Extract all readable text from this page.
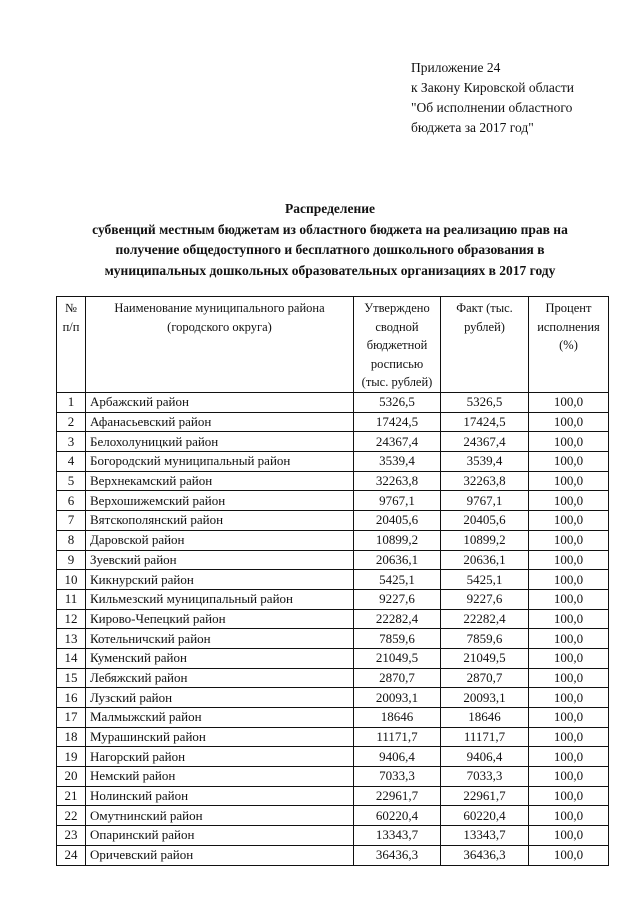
Приложение 24
к Закону Кировской области
"Об исполнении областного
бюджета за 2017 год"
Распределение
субвенций местным бюджетам из областного бюджета на реализацию прав на
получение общедоступного и бесплатного дошкольного образования в
муниципальных дошкольных образовательных организациях в 2017 году
№ п/п	Наименование муниципального района (городского округа)	Утверждено сводной бюджетной росписью (тыс. рублей)	Факт (тыс. рублей)	Процент исполнения (%)
1	Арбажский район	5326,5	5326,5	100,0
2	Афанасьевский район	17424,5	17424,5	100,0
3	Белохолуницкий район	24367,4	24367,4	100,0
4	Богородский муниципальный район	3539,4	3539,4	100,0
5	Верхнекамский район	32263,8	32263,8	100,0
6	Верхошижемский район	9767,1	9767,1	100,0
7	Вятскополянский район	20405,6	20405,6	100,0
8	Даровской район	10899,2	10899,2	100,0
9	Зуевский район	20636,1	20636,1	100,0
10	Кикнурский район	5425,1	5425,1	100,0
11	Кильмезский муниципальный район	9227,6	9227,6	100,0
12	Кирово-Чепецкий район	22282,4	22282,4	100,0
13	Котельничский район	7859,6	7859,6	100,0
14	Куменский район	21049,5	21049,5	100,0
15	Лебяжский район	2870,7	2870,7	100,0
16	Лузский район	20093,1	20093,1	100,0
17	Малмыжский район	18646	18646	100,0
18	Мурашинский район	11171,7	11171,7	100,0
19	Нагорский район	9406,4	9406,4	100,0
20	Немский район	7033,3	7033,3	100,0
21	Нолинский район	22961,7	22961,7	100,0
22	Омутнинский район	60220,4	60220,4	100,0
23	Опаринский район	13343,7	13343,7	100,0
24	Оричевский район	36436,3	36436,3	100,0
